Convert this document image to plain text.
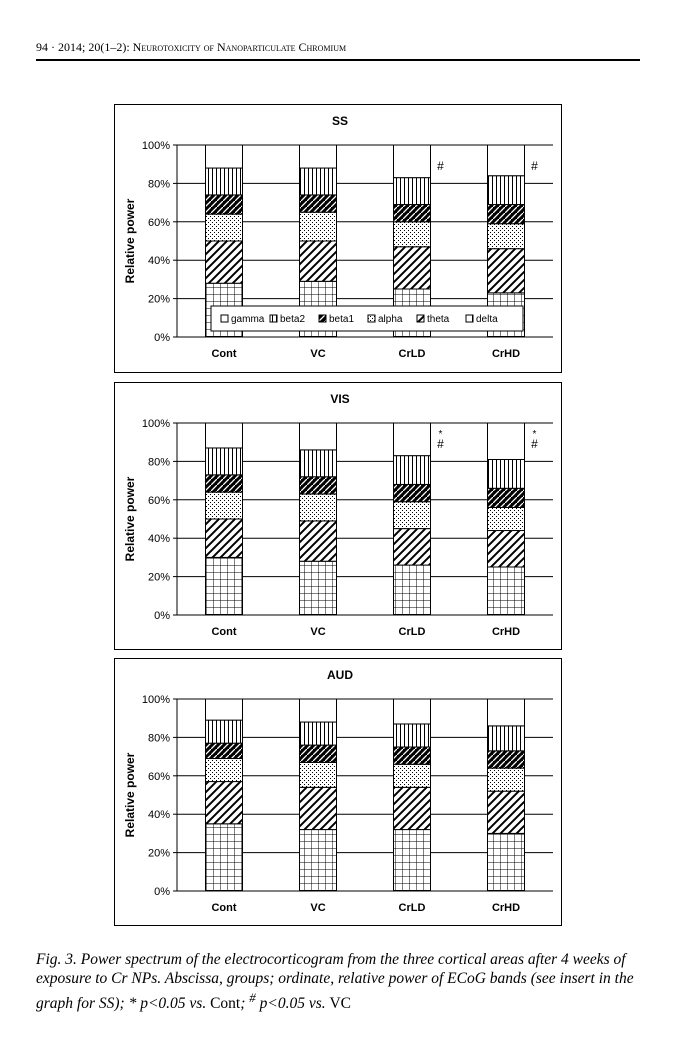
94 · 2014; 20(1–2): Neurotoxicity of Nanoparticulate Chromium
SS
Relative power
0%
20%
40%
60%
80%
100%
Cont	VC	CrLD
#
CrHD
#
gamma beta2 beta1 alpha theta	delta
VIS
Relative power
0%
20%
40%
60%
80%
100%
Cont	VC	CrLD
*
#
CrHD
*
#
AUD
Relative power
0%
20%
40%
60%
80%
100%
Cont	VC	CrLD	CrHD
Fig. 3. Power spectrum of the electrocorticogram from the three cortical areas after 4 weeks of exposure to Cr NPs. Abscissa, groups; ordinate, relative power of ECoG bands (see insert in the graph for SS); * p<0.05 vs. Cont; # p<0.05 vs. VC
